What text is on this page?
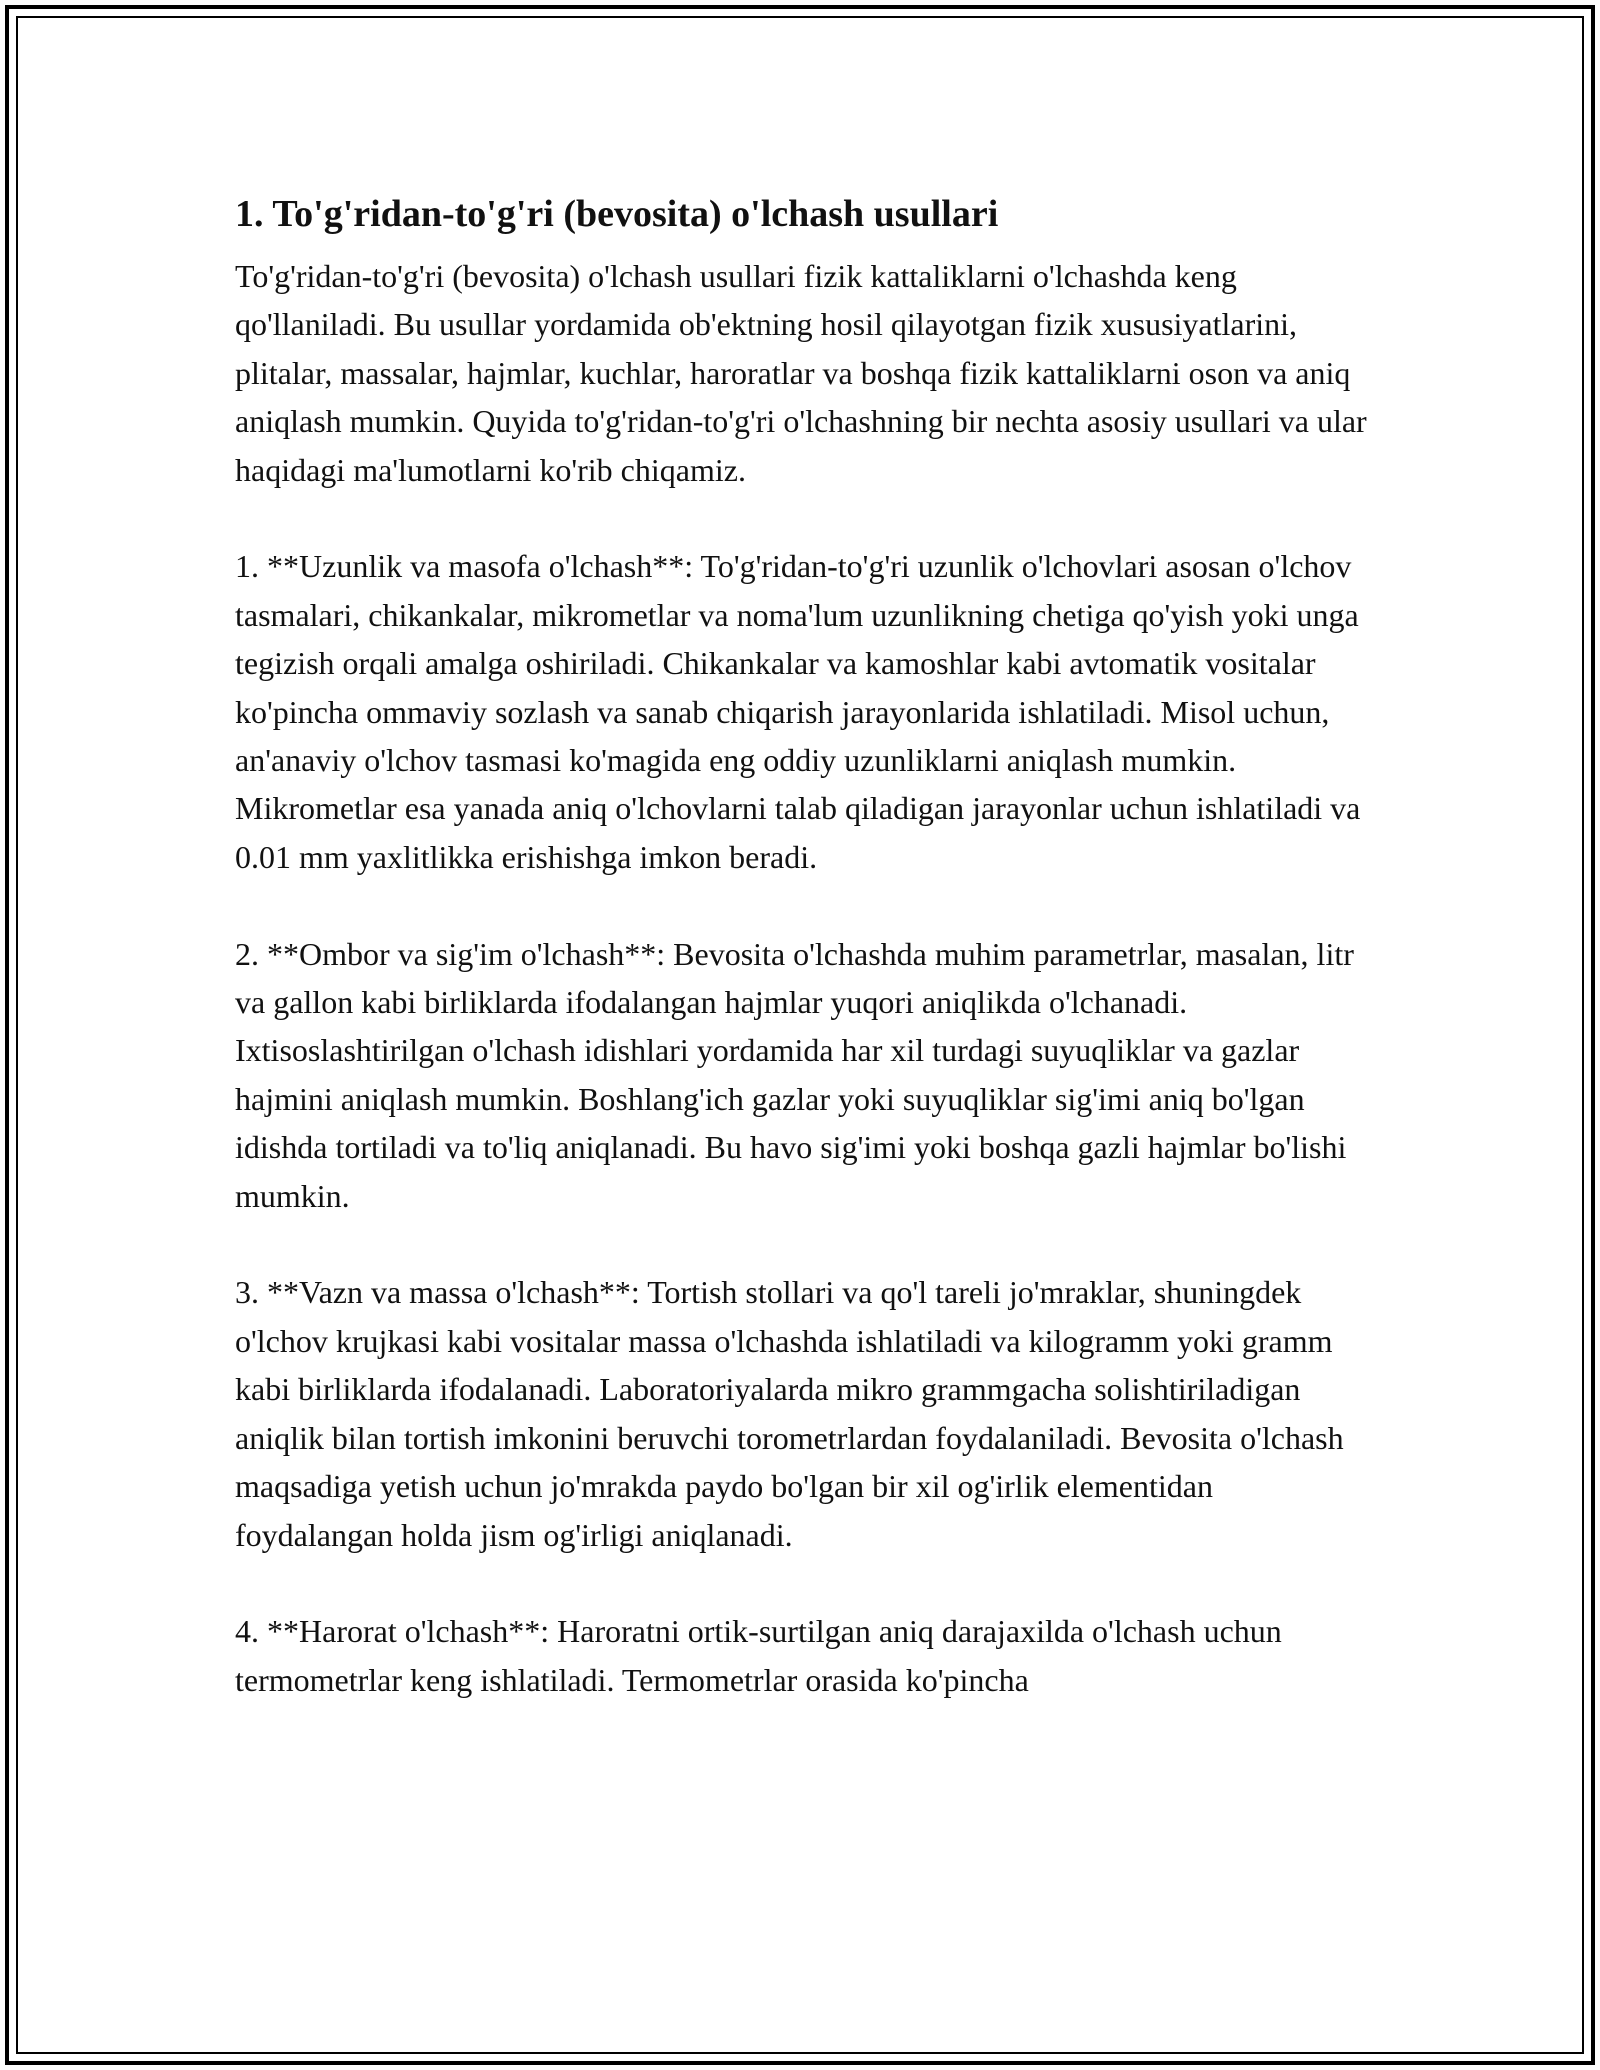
1. To'g'ridan-to'g'ri (bevosita) o'lchash usullari

To'g'ridan-to'g'ri (bevosita) o'lchash usullari fizik kattaliklarni o'lchashda keng qo'llaniladi. Bu usullar yordamida ob'ektning hosil qilayotgan fizik xususiyatlarini, plitalar, massalar, hajmlar, kuchlar, haroratlar va boshqa fizik kattaliklarni oson va aniq aniqlash mumkin. Quyida to'g'ridan-to'g'ri o'lchashning bir nechta asosiy usullari va ular haqidagi ma'lumotlarni ko'rib chiqamiz.

1. **Uzunlik va masofa o'lchash**: To'g'ridan-to'g'ri uzunlik o'lchovlari asosan o'lchov tasmalari, chikankalar, mikrometlar va noma'lum uzunlikning chetiga qo'yish yoki unga tegizish orqali amalga oshiriladi. Chikankalar va kamoshlar kabi avtomatik vositalar ko'pincha ommaviy sozlash va sanab chiqarish jarayonlarida ishlatiladi. Misol uchun, an'anaviy o'lchov tasmasi ko'magida eng oddiy uzunliklarni aniqlash mumkin. Mikrometlar esa yanada aniq o'lchovlarni talab qiladigan jarayonlar uchun ishlatiladi va 0.01 mm yaxlitlikka erishishga imkon beradi.

2. **Ombor va sig'im o'lchash**: Bevosita o'lchashda muhim parametrlar, masalan, litr va gallon kabi birliklarda ifodalangan hajmlar yuqori aniqlikda o'lchanadi. Ixtisoslashtirilgan o'lchash idishlari yordamida har xil turdagi suyuqliklar va gazlar hajmini aniqlash mumkin. Boshlang'ich gazlar yoki suyuqliklar sig'imi aniq bo'lgan idishda tortiladi va to'liq aniqlanadi. Bu havo sig'imi yoki boshqa gazli hajmlar bo'lishi mumkin.

3. **Vazn va massa o'lchash**: Tortish stollari va qo'l tareli jo'mraklar, shuningdek o'lchov krujkasi kabi vositalar massa o'lchashda ishlatiladi va kilogramm yoki gramm kabi birliklarda ifodalanadi. Laboratoriyalarda mikro grammgacha solishtiriladigan aniqlik bilan tortish imkonini beruvchi torometrlardan foydalaniladi. Bevosita o'lchash maqsadiga yetish uchun jo'mrakda paydo bo'lgan bir xil og'irlik elementidan foydalangan holda jism og'irligi aniqlanadi.

4. **Harorat o'lchash**: Haroratni ortik-surtilgan aniq darajaxilda o'lchash uchun termometrlar keng ishlatiladi. Termometrlar orasida ko'pincha
